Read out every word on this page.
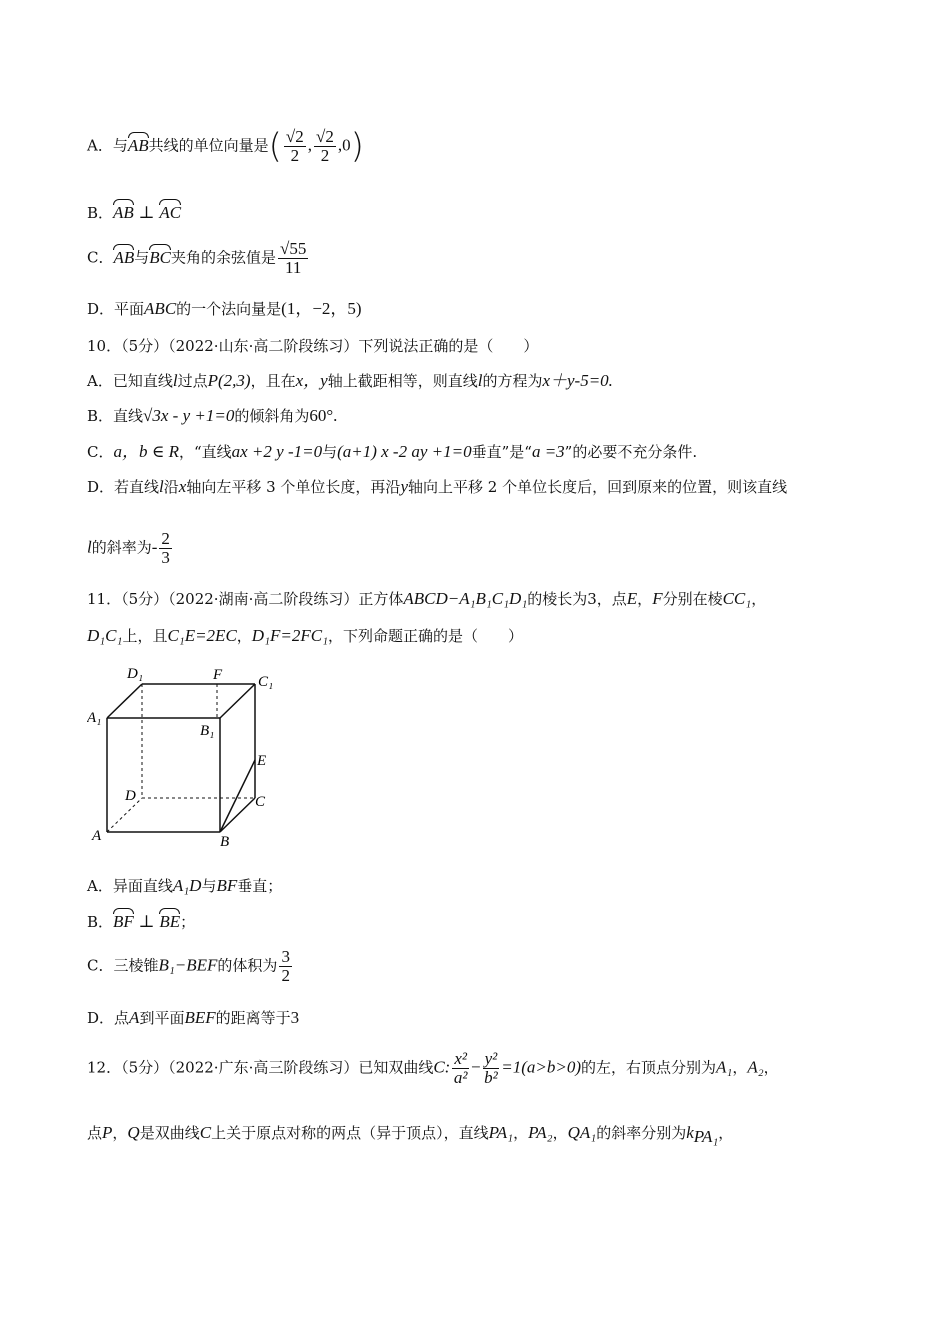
A．与AB共线的单位向量是( $\frac{√2}{2}$ , $\frac{√2}{2} ,0$)
B．AB ⊥ AC
C．AB与BC夹角的余弦值是 $\frac{√55}{11}$
D．平面ABC的一个法向量是(1，−2，5)
10．（5分）（2022·山东·高二阶段练习）下列说法正确的是（　　）
A．已知直线l过点P(2,3)，且在x，y轴上截距相等，则直线l的方程为x＋y-5=0.
B．直线√3x - y +1=0的倾斜角为60°.
C．a，b ∈ R，“直线ax +2 y -1=0与(a+1) x -2 ay +1=0垂直”是“a =3”的必要不充分条件.
D．若直线l沿x轴向左平移 3 个单位长度，再沿y轴向上平移 2 个单位长度后，回到原来的位置，则该直线
l的斜率为- $\frac{2}{3}$
11．（5分）（2022·湖南·高二阶段练习）正方体ABCD−A₁B₁C₁D₁的棱长为3，点E，F分别在棱CC₁，
D₁C₁上，且C₁E=2EC，D₁F=2FC₁，下列命题正确的是（　　）
D₁	F C₁
A₁
B₁
E
D	C
A	B
A．异面直线A₁D与BF垂直；
B．BF ⊥ BE；
C．三棱锥B₁−BEF的体积为 $\frac{3}{2}$
D．点A到平面BEF的距离等于3
12．（5分）（2022·广东·高三阶段练习）已知双曲线C: $\frac{\text{x²}}{\text{a²}} - \frac{\text{y²}}{\text{b²}} =1(a>b>0)$的左，右顶点分别为A₁，A₂，
点P，Q是双曲线C上关于原点对称的两点（异于顶点），直线PA₁，PA₂，QA₁的斜率分别为$k_{PA_1}$，
